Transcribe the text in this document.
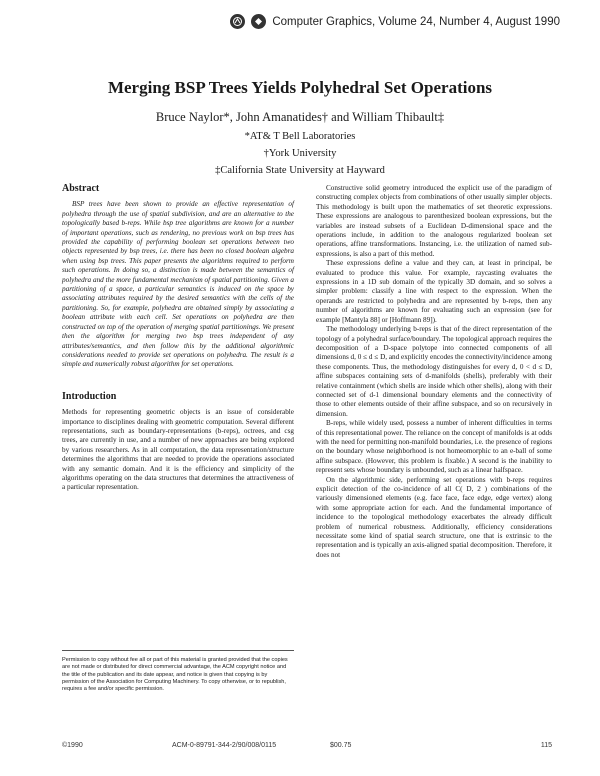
Computer Graphics, Volume 24, Number 4, August 1990
Merging BSP Trees Yields Polyhedral Set Operations
Bruce Naylor*, John Amanatides† and William Thibault‡
*AT& T Bell Laboratories
†York University
‡California State University at Hayward
Abstract

BSP trees have been shown to provide an effective representation of polyhedra through the use of spatial subdivision, and are an alternative to the topologically based b-reps. While bsp tree algorithms are known for a number of important operations, such as rendering, no previous work on bsp trees has provided the capability of performing boolean set operations between two objects represented by bsp trees, i.e. there has been no closed boolean algebra when using bsp trees. This paper presents the algorithms required to perform such operations. In doing so, a distinction is made between the semantics of polyhedra and the more fundamental mechanism of spatial partitioning. Given a partitioning of a space, a particular semantics is induced on the space by associating attributes required by the desired semantics with the cells of the partitioning. So, for example, polyhedra are obtained simply by associating a boolean attribute with each cell. Set operations on polyhedra are then constructed on top of the operation of merging spatial partitionings. We present then the algorithm for merging two bsp trees independent of any attributes/semantics, and then follow this by the additional algorithmic considerations needed to provide set operations on polyhedra. The result is a simple and numerically robust algorithm for set operations.

Introduction

Methods for representing geometric objects is an issue of considerable importance to disciplines dealing with geometric computation. Several different representations, such as boundary-representations (b-reps), octrees, and csg trees, are currently in use, and a number of new approaches are being explored by various researchers. As in all computation, the data representation/structure determines the algorithms that are needed to provide the operations associated with any semantic domain. And it is the efficiency and simplicity of the algorithms operating on the data structures that determines the attractiveness of a particular representation.

Permission to copy without fee all or part of this material is granted provided that the copies are not made or distributed for direct commercial advantage, the ACM copyright notice and the title of the publication and its date appear, and notice is given that copying is by permission of the Association for Computing Machinery. To copy otherwise, or to republish, requires a fee and/or specific permission.

Constructive solid geometry introduced the explicit use of the paradigm of constructing complex objects from combinations of other usually simpler objects. This methodology is built upon the mathematics of set theoretic expressions. These expressions are analogous to parenthesized boolean expressions, but the variables are instead subsets of a Euclidean D-dimensional space and the operations include, in addition to the analogous regularized boolean set operations, affine transformations. Instancing, i.e. the utilization of named sub-expressions, is also a part of this method.

These expressions define a value and they can, at least in principal, be evaluated to produce this value. For example, raycasting evaluates the expressions in a 1D sub domain of the typically 3D domain, and so solves a simpler problem: classify a line with respect to the expression. When the operands are restricted to polyhedra and are represented by b-reps, then any number of algorithms are known for evaluating such an expression (see for example [Mantyla 88] or [Hoffmann 89]).

The methodology underlying b-reps is that of the direct representation of the topology of a polyhedral surface/boundary. The topological approach requires the decomposition of a D-space polytope into connected components of all dimensions d, 0 ≤ d ≤ D, and explicitly encodes the connectivity/incidence among these components. Thus, the methodology distinguishes for every d, 0 < d ≤ D, affine subspaces containing sets of d-manifolds (shells), preferably with their relative containment (which shells are inside which other shells), along with their connected set of d-1 dimensional boundary elements and the connectivity of those to other elements outside of their affine subspace, and so on recursively in dimension.

B-reps, while widely used, possess a number of inherent difficulties in terms of this representational power. The reliance on the concept of manifolds is at odds with the need for permitting non-manifold boundaries, i.e. the presence of regions on the boundary whose neighborhood is not homeomorphic to an e-ball of some affine subspace. (However, this problem is fixable.) A second is the inability to represent sets whose boundary is unbounded, such as a linear halfspace.

On the algorithmic side, performing set operations with b-reps requires explicit detection of the co-incidence of all C( D, 2 ) combinations of the variously dimensioned elements (e.g. face face, face edge, edge vertex) along with some appropriate action for each. And the fundamental importance of incidence to the topological methodology exacerbates the already difficult problem of numerical robustness. Additionally, efficiency considerations necessitate some kind of spatial search structure, one that is extrinsic to the representation and is typically an axis-aligned spatial decomposition. Therefore, it does not

©1990	ACM-0-89791-344-2/90/008/0115	$00.75	115
